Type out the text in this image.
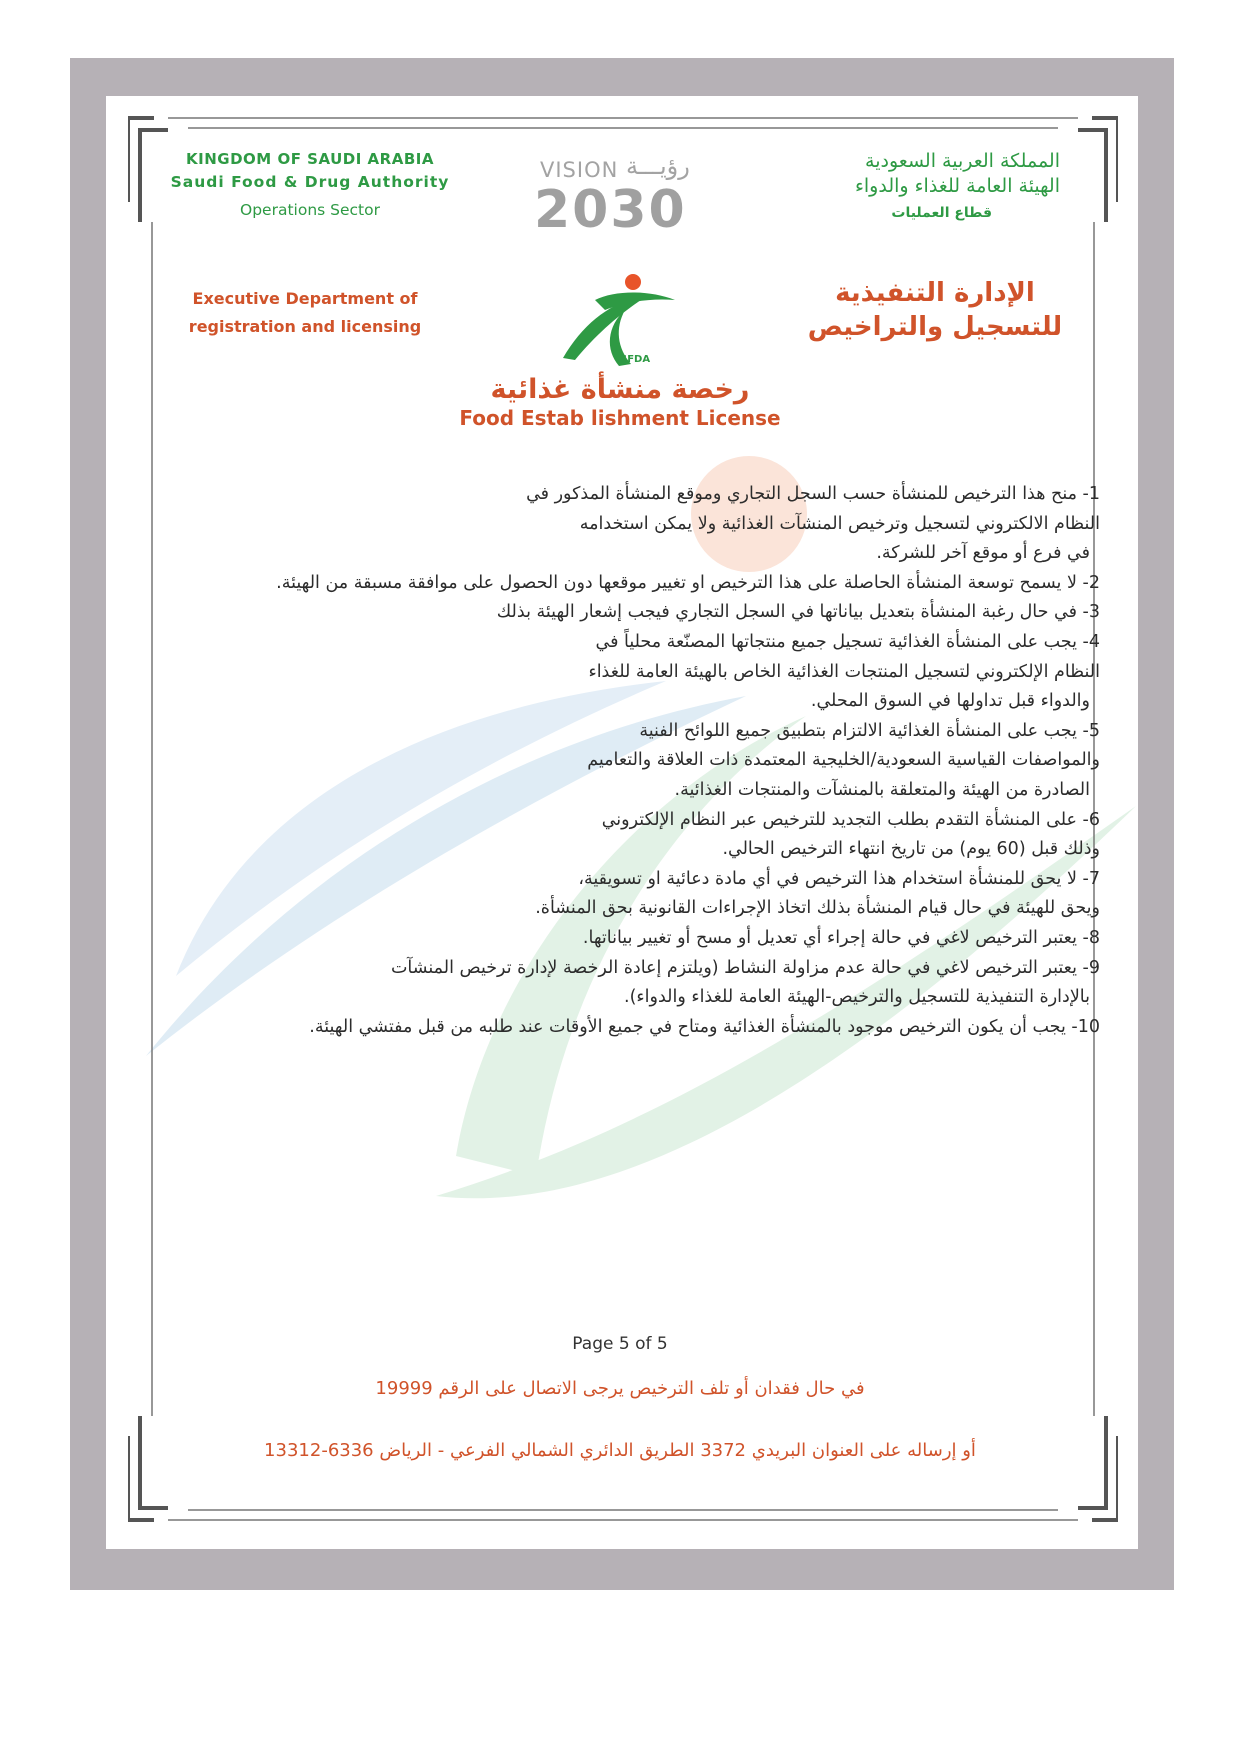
KINGDOM OF SAUDI ARABIA
Saudi Food & Drug Authority
Operations Sector
VISION رؤيـــة
2030
المملكة العربية السعودية
الهيئة العامة للغذاء والدواء
قطاع العمليات
Executive Department of
registration and licensing
الإدارة التنفيذية
للتسجيل والتراخيص
SFDA
رخصة منشأة غذائية
Food Estab lishment License
1- منح هذا الترخيص للمنشأة حسب السجل التجاري وموقع المنشأة المذكور في
النظام الالكتروني لتسجيل وترخيص المنشآت الغذائية ولا يمكن استخدامه
في فرع أو موقع آخر للشركة.
2- لا يسمح توسعة المنشأة الحاصلة على هذا الترخيص او تغيير موقعها دون الحصول على موافقة مسبقة من الهيئة.
3- في حال رغبة المنشأة بتعديل بياناتها في السجل التجاري فيجب إشعار الهيئة بذلك
4- يجب على المنشأة الغذائية تسجيل جميع منتجاتها المصنّعة محلياً في
النظام الإلكتروني لتسجيل المنتجات الغذائية الخاص بالهيئة العامة للغذاء
والدواء قبل تداولها في السوق المحلي.
5- يجب على المنشأة الغذائية الالتزام بتطبيق جميع اللوائح الفنية
والمواصفات القياسية السعودية/الخليجية المعتمدة ذات العلاقة والتعاميم
الصادرة من الهيئة والمتعلقة بالمنشآت والمنتجات الغذائية.
6- على المنشأة التقدم بطلب التجديد للترخيص عبر النظام الإلكتروني
وذلك قبل (60 يوم) من تاريخ انتهاء الترخيص الحالي.
7- لا يحق للمنشأة استخدام هذا الترخيص في أي مادة دعائية او تسويقية،
ويحق للهيئة في حال قيام المنشأة بذلك اتخاذ الإجراءات القانونية بحق المنشأة.
8- يعتبر الترخيص لاغي في حالة إجراء أي تعديل أو مسح أو تغيير بياناتها.
9- يعتبر الترخيص لاغي في حالة عدم مزاولة النشاط (ويلتزم إعادة الرخصة لإدارة ترخيص المنشآت
بالإدارة التنفيذية للتسجيل والترخيص-الهيئة العامة للغذاء والدواء).
10- يجب أن يكون الترخيص موجود بالمنشأة الغذائية ومتاح في جميع الأوقات عند طلبه من قبل مفتشي الهيئة.
Page 5 of 5
في حال فقدان أو تلف الترخيص يرجى الاتصال على الرقم 19999
أو إرساله على العنوان البريدي 3372 الطريق الدائري الشمالي الفرعي - الرياض 6336-13312
